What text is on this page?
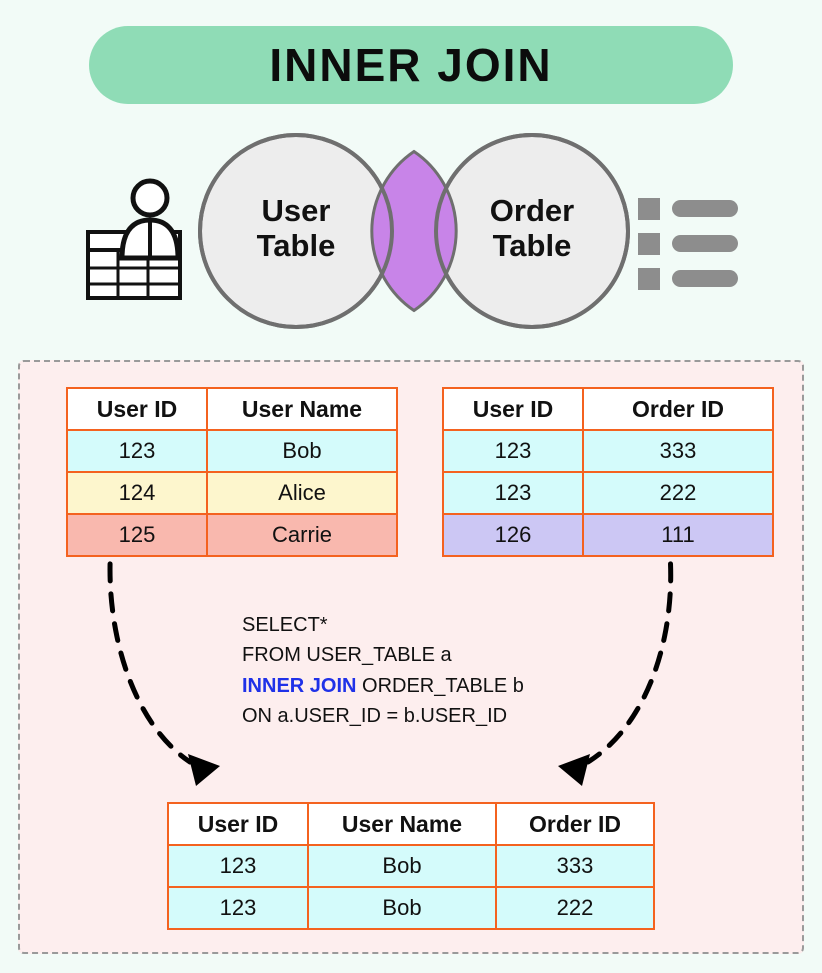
INNER JOIN
User
Table
Order
Table
User ID	User Name
123	Bob
124	Alice
125	Carrie
User ID	Order ID
123	333
123	222
126	111
SELECT*
FROM USER_TABLE a
INNER JOIN ORDER_TABLE b
ON a.USER_ID = b.USER_ID
User ID	User Name	Order ID
123	Bob	333
123	Bob	222
